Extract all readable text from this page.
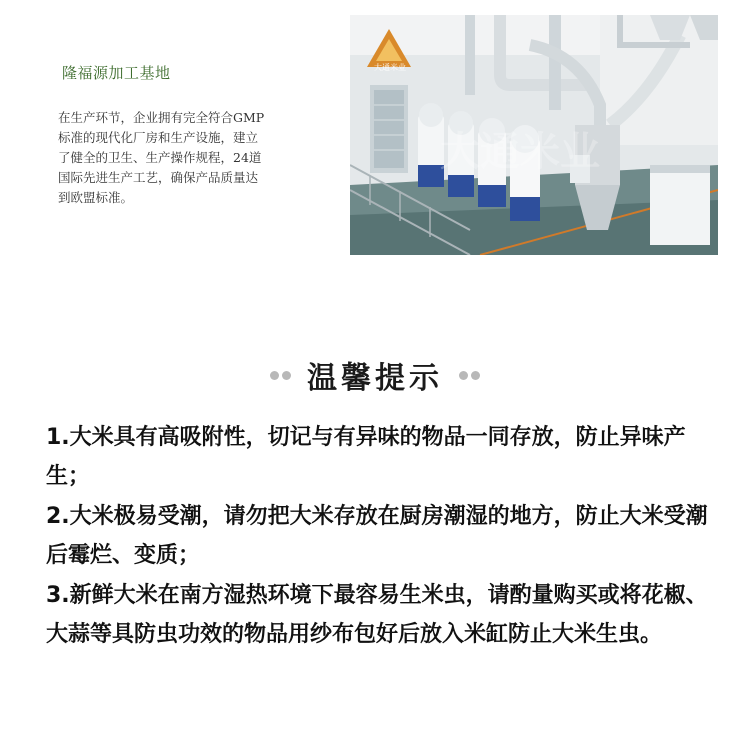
隆福源加工基地
在生产环节，企业拥有完全符合GMP
标准的现代化厂房和生产设施，建立
了健全的卫生、生产操作规程，24道
国际先进生产工艺，确保产品质量达
到欧盟标准。
大通米业
大通米业
温馨提示
1.大米具有高吸附性，切记与有异味的物品一同存放，防止异味产生；
2.大米极易受潮，请勿把大米存放在厨房潮湿的地方，防止大米受潮后霉烂、变质；
3.新鲜大米在南方湿热环境下最容易生米虫，请酌量购买或将花椒、大蒜等具防虫功效的物品用纱布包好后放入米缸防止大米生虫。
